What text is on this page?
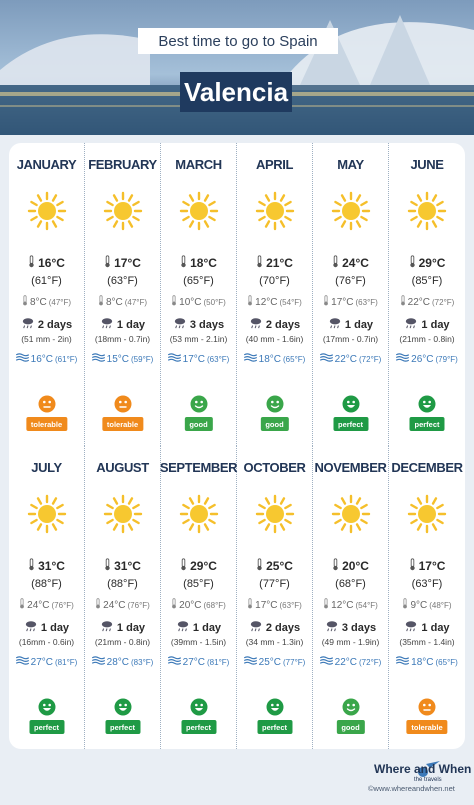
Best time to go to Spain
Valencia
JANUARY
16°C
(61°F)
8°C (47°F)
2 days
(51 mm - 2in)
16°C (61°F)
tolerable
FEBRUARY
17°C
(63°F)
8°C (47°F)
1 day
(18mm - 0.7in)
15°C (59°F)
tolerable
MARCH
18°C
(65°F)
10°C (50°F)
3 days
(53 mm - 2.1in)
17°C (63°F)
good
APRIL
21°C
(70°F)
12°C (54°F)
2 days
(40 mm - 1.6in)
18°C (65°F)
good
MAY
24°C
(76°F)
17°C (63°F)
1 day
(17mm - 0.7in)
22°C (72°F)
perfect
JUNE
29°C
(85°F)
22°C (72°F)
1 day
(21mm - 0.8in)
26°C (79°F)
perfect
JULY
31°C
(88°F)
24°C (76°F)
1 day
(16mm - 0.6in)
27°C (81°F)
perfect
AUGUST
31°C
(88°F)
24°C (76°F)
1 day
(21mm - 0.8in)
28°C (83°F)
perfect
SEPTEMBER
29°C
(85°F)
20°C (68°F)
1 day
(39mm - 1.5in)
27°C (81°F)
perfect
OCTOBER
25°C
(77°F)
17°C (63°F)
2 days
(34 mm - 1.3in)
25°C (77°F)
perfect
NOVEMBER
20°C
(68°F)
12°C (54°F)
3 days
(49 mm - 1.9in)
22°C (72°F)
good
DECEMBER
17°C
(63°F)
9°C (48°F)
1 day
(35mm - 1.4in)
18°C (65°F)
tolerable
Where and When
the travels
©www.whereandwhen.net
